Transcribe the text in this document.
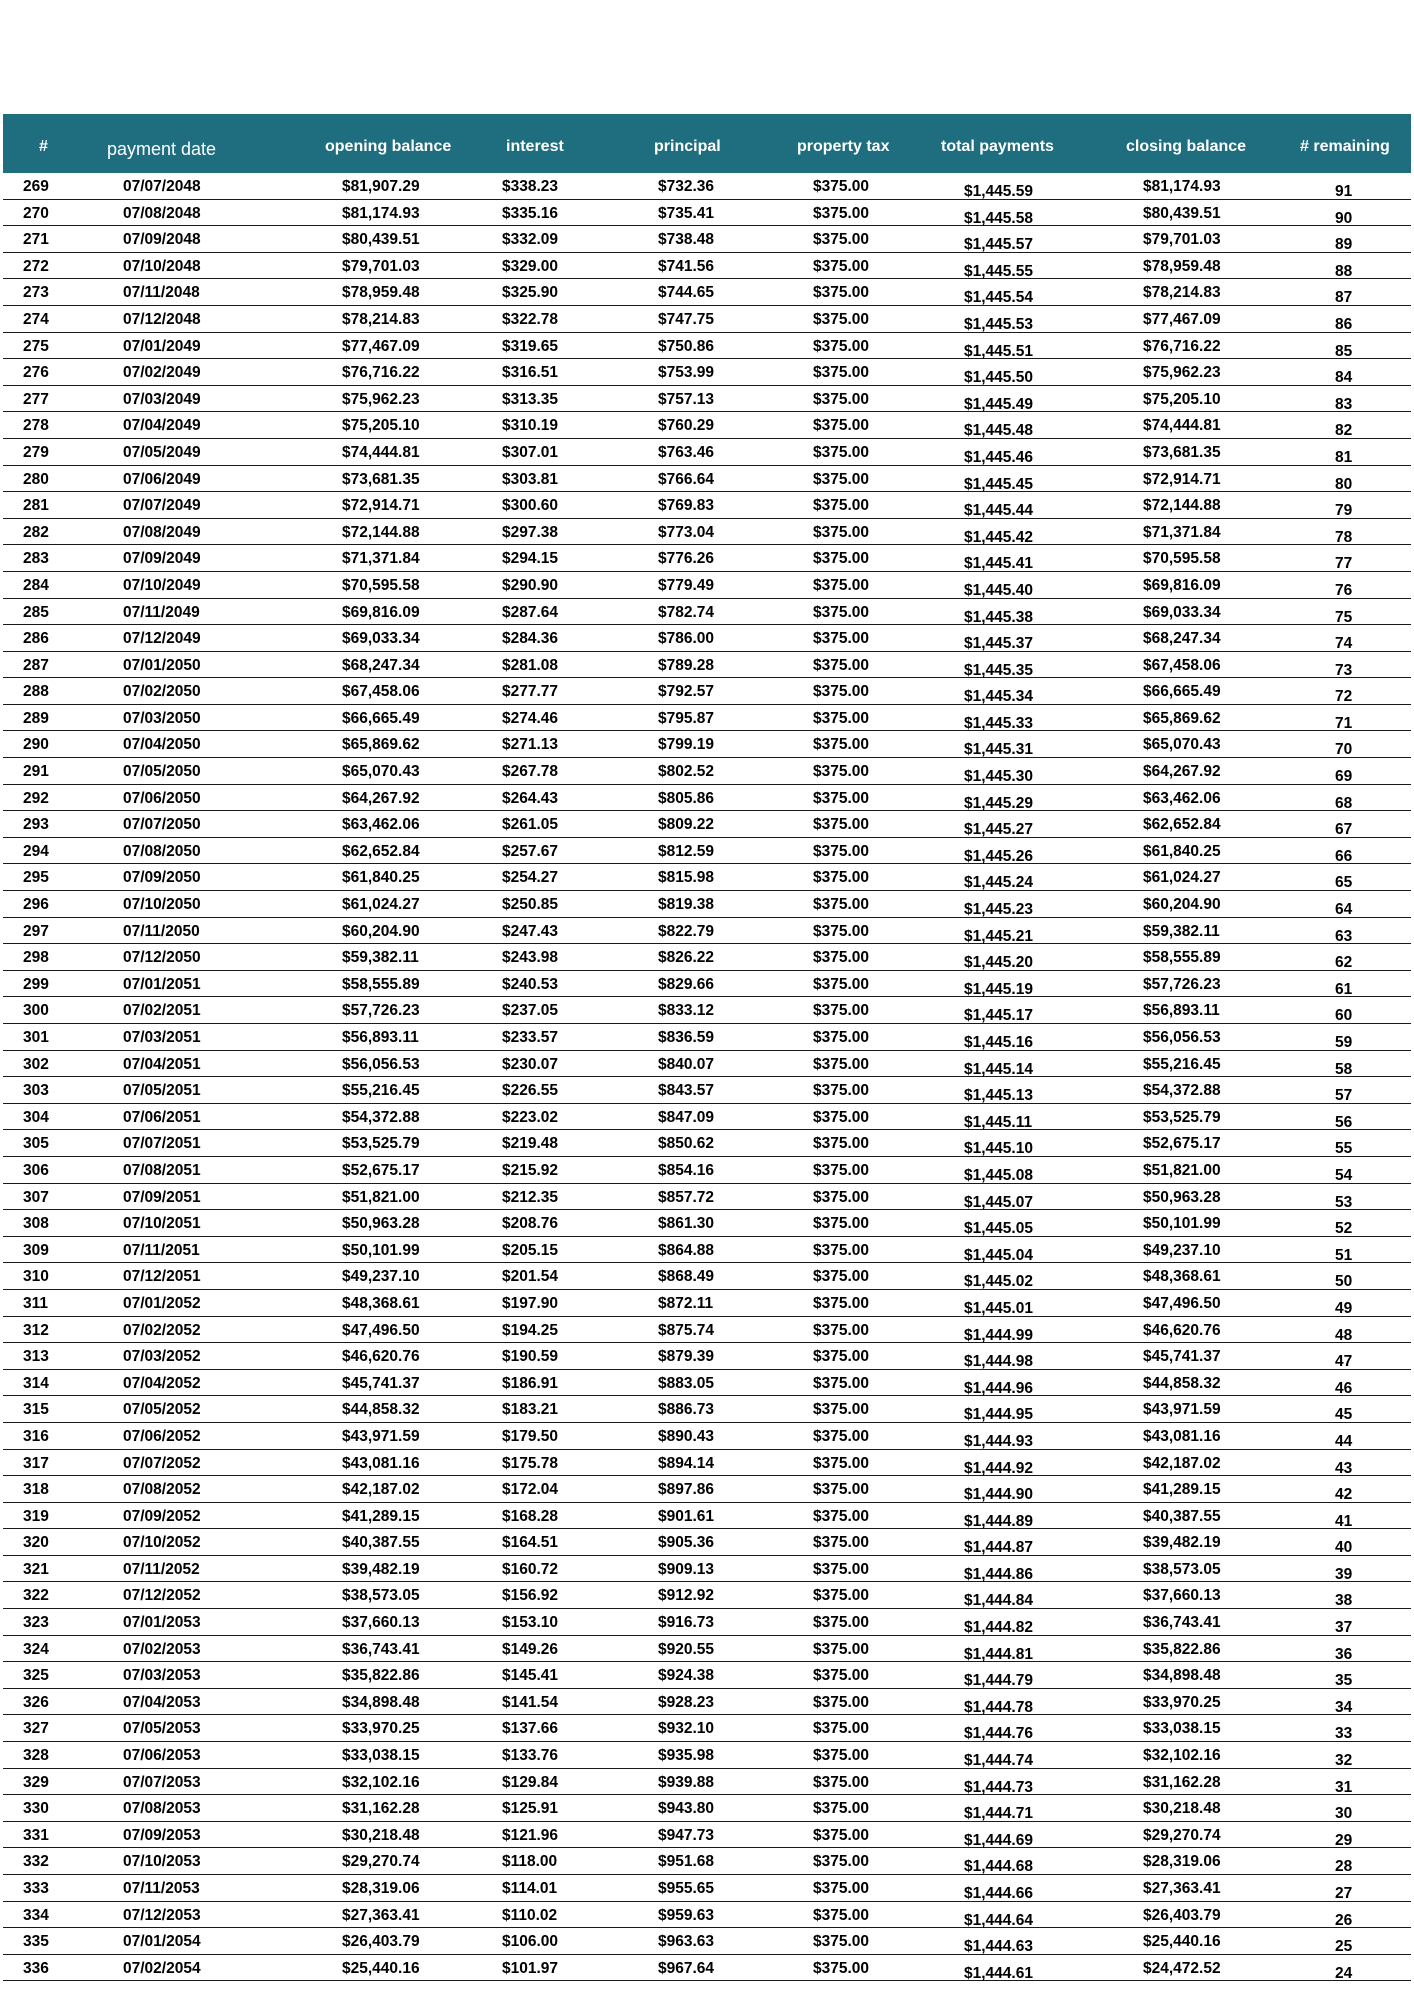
#	payment date	opening balance	interest	principal	property tax	total payments	closing balance	# remaining
269	07/07/2048	$81,907.29	$338.23	$732.36	$375.00	$1,445.59	$81,174.93	91
270	07/08/2048	$81,174.93	$335.16	$735.41	$375.00	$1,445.58	$80,439.51	90
271	07/09/2048	$80,439.51	$332.09	$738.48	$375.00	$1,445.57	$79,701.03	89
272	07/10/2048	$79,701.03	$329.00	$741.56	$375.00	$1,445.55	$78,959.48	88
273	07/11/2048	$78,959.48	$325.90	$744.65	$375.00	$1,445.54	$78,214.83	87
274	07/12/2048	$78,214.83	$322.78	$747.75	$375.00	$1,445.53	$77,467.09	86
275	07/01/2049	$77,467.09	$319.65	$750.86	$375.00	$1,445.51	$76,716.22	85
276	07/02/2049	$76,716.22	$316.51	$753.99	$375.00	$1,445.50	$75,962.23	84
277	07/03/2049	$75,962.23	$313.35	$757.13	$375.00	$1,445.49	$75,205.10	83
278	07/04/2049	$75,205.10	$310.19	$760.29	$375.00	$1,445.48	$74,444.81	82
279	07/05/2049	$74,444.81	$307.01	$763.46	$375.00	$1,445.46	$73,681.35	81
280	07/06/2049	$73,681.35	$303.81	$766.64	$375.00	$1,445.45	$72,914.71	80
281	07/07/2049	$72,914.71	$300.60	$769.83	$375.00	$1,445.44	$72,144.88	79
282	07/08/2049	$72,144.88	$297.38	$773.04	$375.00	$1,445.42	$71,371.84	78
283	07/09/2049	$71,371.84	$294.15	$776.26	$375.00	$1,445.41	$70,595.58	77
284	07/10/2049	$70,595.58	$290.90	$779.49	$375.00	$1,445.40	$69,816.09	76
285	07/11/2049	$69,816.09	$287.64	$782.74	$375.00	$1,445.38	$69,033.34	75
286	07/12/2049	$69,033.34	$284.36	$786.00	$375.00	$1,445.37	$68,247.34	74
287	07/01/2050	$68,247.34	$281.08	$789.28	$375.00	$1,445.35	$67,458.06	73
288	07/02/2050	$67,458.06	$277.77	$792.57	$375.00	$1,445.34	$66,665.49	72
289	07/03/2050	$66,665.49	$274.46	$795.87	$375.00	$1,445.33	$65,869.62	71
290	07/04/2050	$65,869.62	$271.13	$799.19	$375.00	$1,445.31	$65,070.43	70
291	07/05/2050	$65,070.43	$267.78	$802.52	$375.00	$1,445.30	$64,267.92	69
292	07/06/2050	$64,267.92	$264.43	$805.86	$375.00	$1,445.29	$63,462.06	68
293	07/07/2050	$63,462.06	$261.05	$809.22	$375.00	$1,445.27	$62,652.84	67
294	07/08/2050	$62,652.84	$257.67	$812.59	$375.00	$1,445.26	$61,840.25	66
295	07/09/2050	$61,840.25	$254.27	$815.98	$375.00	$1,445.24	$61,024.27	65
296	07/10/2050	$61,024.27	$250.85	$819.38	$375.00	$1,445.23	$60,204.90	64
297	07/11/2050	$60,204.90	$247.43	$822.79	$375.00	$1,445.21	$59,382.11	63
298	07/12/2050	$59,382.11	$243.98	$826.22	$375.00	$1,445.20	$58,555.89	62
299	07/01/2051	$58,555.89	$240.53	$829.66	$375.00	$1,445.19	$57,726.23	61
300	07/02/2051	$57,726.23	$237.05	$833.12	$375.00	$1,445.17	$56,893.11	60
301	07/03/2051	$56,893.11	$233.57	$836.59	$375.00	$1,445.16	$56,056.53	59
302	07/04/2051	$56,056.53	$230.07	$840.07	$375.00	$1,445.14	$55,216.45	58
303	07/05/2051	$55,216.45	$226.55	$843.57	$375.00	$1,445.13	$54,372.88	57
304	07/06/2051	$54,372.88	$223.02	$847.09	$375.00	$1,445.11	$53,525.79	56
305	07/07/2051	$53,525.79	$219.48	$850.62	$375.00	$1,445.10	$52,675.17	55
306	07/08/2051	$52,675.17	$215.92	$854.16	$375.00	$1,445.08	$51,821.00	54
307	07/09/2051	$51,821.00	$212.35	$857.72	$375.00	$1,445.07	$50,963.28	53
308	07/10/2051	$50,963.28	$208.76	$861.30	$375.00	$1,445.05	$50,101.99	52
309	07/11/2051	$50,101.99	$205.15	$864.88	$375.00	$1,445.04	$49,237.10	51
310	07/12/2051	$49,237.10	$201.54	$868.49	$375.00	$1,445.02	$48,368.61	50
311	07/01/2052	$48,368.61	$197.90	$872.11	$375.00	$1,445.01	$47,496.50	49
312	07/02/2052	$47,496.50	$194.25	$875.74	$375.00	$1,444.99	$46,620.76	48
313	07/03/2052	$46,620.76	$190.59	$879.39	$375.00	$1,444.98	$45,741.37	47
314	07/04/2052	$45,741.37	$186.91	$883.05	$375.00	$1,444.96	$44,858.32	46
315	07/05/2052	$44,858.32	$183.21	$886.73	$375.00	$1,444.95	$43,971.59	45
316	07/06/2052	$43,971.59	$179.50	$890.43	$375.00	$1,444.93	$43,081.16	44
317	07/07/2052	$43,081.16	$175.78	$894.14	$375.00	$1,444.92	$42,187.02	43
318	07/08/2052	$42,187.02	$172.04	$897.86	$375.00	$1,444.90	$41,289.15	42
319	07/09/2052	$41,289.15	$168.28	$901.61	$375.00	$1,444.89	$40,387.55	41
320	07/10/2052	$40,387.55	$164.51	$905.36	$375.00	$1,444.87	$39,482.19	40
321	07/11/2052	$39,482.19	$160.72	$909.13	$375.00	$1,444.86	$38,573.05	39
322	07/12/2052	$38,573.05	$156.92	$912.92	$375.00	$1,444.84	$37,660.13	38
323	07/01/2053	$37,660.13	$153.10	$916.73	$375.00	$1,444.82	$36,743.41	37
324	07/02/2053	$36,743.41	$149.26	$920.55	$375.00	$1,444.81	$35,822.86	36
325	07/03/2053	$35,822.86	$145.41	$924.38	$375.00	$1,444.79	$34,898.48	35
326	07/04/2053	$34,898.48	$141.54	$928.23	$375.00	$1,444.78	$33,970.25	34
327	07/05/2053	$33,970.25	$137.66	$932.10	$375.00	$1,444.76	$33,038.15	33
328	07/06/2053	$33,038.15	$133.76	$935.98	$375.00	$1,444.74	$32,102.16	32
329	07/07/2053	$32,102.16	$129.84	$939.88	$375.00	$1,444.73	$31,162.28	31
330	07/08/2053	$31,162.28	$125.91	$943.80	$375.00	$1,444.71	$30,218.48	30
331	07/09/2053	$30,218.48	$121.96	$947.73	$375.00	$1,444.69	$29,270.74	29
332	07/10/2053	$29,270.74	$118.00	$951.68	$375.00	$1,444.68	$28,319.06	28
333	07/11/2053	$28,319.06	$114.01	$955.65	$375.00	$1,444.66	$27,363.41	27
334	07/12/2053	$27,363.41	$110.02	$959.63	$375.00	$1,444.64	$26,403.79	26
335	07/01/2054	$26,403.79	$106.00	$963.63	$375.00	$1,444.63	$25,440.16	25
336	07/02/2054	$25,440.16	$101.97	$967.64	$375.00	$1,444.61	$24,472.52	24
